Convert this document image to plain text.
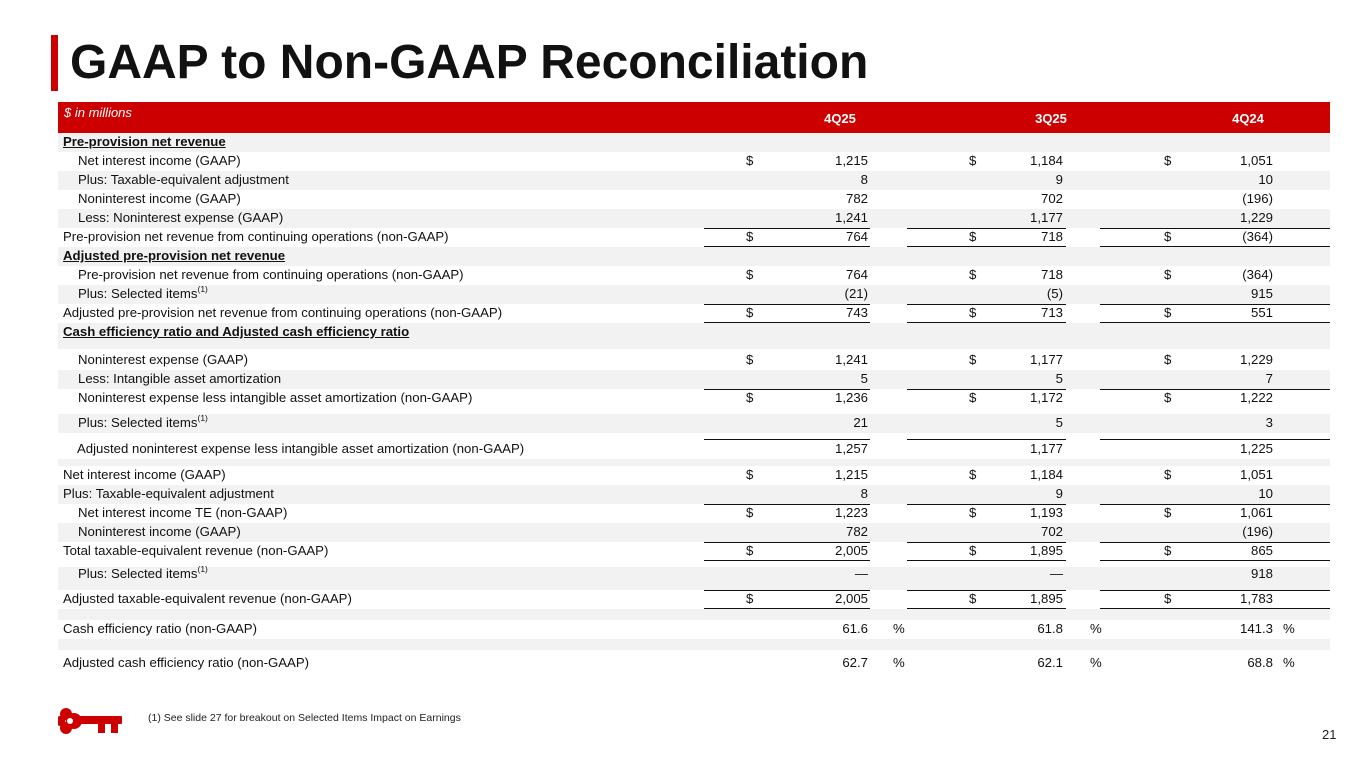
GAAP to Non-GAAP Reconciliation
$ in millions	4Q25	3Q25	4Q24
Pre-provision net revenue
Net interest income (GAAP)	$	1,215	$	1,184	$	1,051
Plus: Taxable-equivalent adjustment	8	9	10
Noninterest income (GAAP)	782	702	(196)
Less: Noninterest expense (GAAP)	1,241	1,177	1,229
Pre-provision net revenue from continuing operations (non-GAAP)	$	764	$	718	$	(364)
Adjusted pre-provision net revenue
Pre-provision net revenue from continuing operations (non-GAAP)	$	764	$	718	$	(364)
Plus: Selected items$^{(1)}$	(21)	(5)	915
Adjusted pre-provision net revenue from continuing operations (non-GAAP)	$	743	$	713	$	551
Cash efficiency ratio and Adjusted cash efficiency ratio
Noninterest expense (GAAP)	$	1,241	$	1,177	$	1,229
Less: Intangible asset amortization	5	5	7
Noninterest expense less intangible asset amortization (non-GAAP)	$	1,236	$	1,172	$	1,222
Plus: Selected items$^{(1)}$	21	5	3
Adjusted noninterest expense less intangible asset amortization (non-GAAP)	1,257	1,177	1,225
Net interest income (GAAP)	$	1,215	$	1,184	$	1,051
Plus: Taxable-equivalent adjustment	8	9	10
Net interest income TE (non-GAAP)	$	1,223	$	1,193	$	1,061
Noninterest income (GAAP)	782	702	(196)
Total taxable-equivalent revenue (non-GAAP)	$	2,005	$	1,895	$	865
Plus: Selected items$^{(1)}$	—	—	918
Adjusted taxable-equivalent revenue (non-GAAP)	$	2,005	$	1,895	$	1,783
Cash efficiency ratio (non-GAAP)	61.6 %	61.8 %	141.3 %
Adjusted cash efficiency ratio (non-GAAP)	62.7 %	62.1 %	68.8 %
(1) See slide 27 for breakout on Selected Items Impact on Earnings
21
